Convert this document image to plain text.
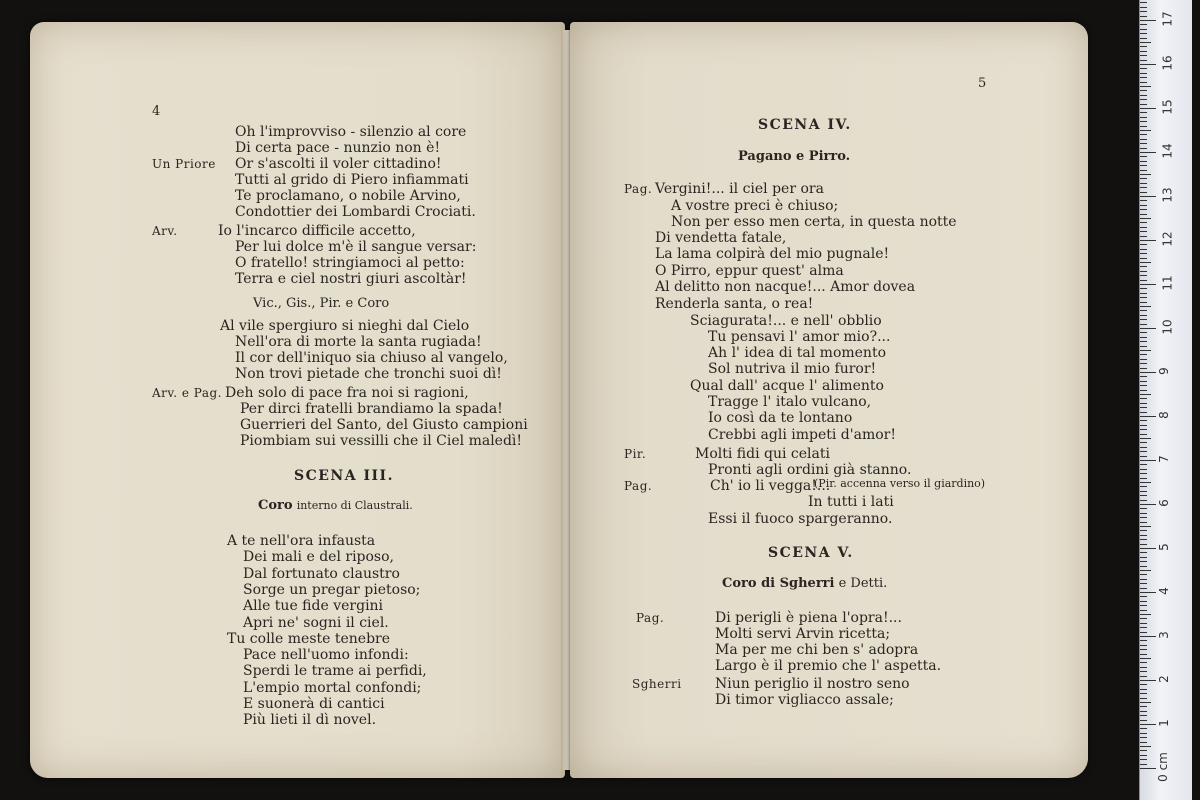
4
SCENA III.
Coro interno di Claustrali.
5
SCENA IV.
Pagano e Pirro.
(Pir. accenna verso il giardino)
SCENA V.
Coro di Sgherri e Detti.
0 cm
1
2
3
4
5
6
7
8
9
10
11
12
13
14
15
16
17
Oh l'improvviso - silenzio al core
Di certa pace - nunzio non è!
Un Priore Or s'ascolti il voler cittadino!
Tutti al grido di Piero infiammati
Te proclamano, o nobile Arvino,
Condottier dei Lombardi Crociati.
Arv.	Io l'incarco difficile accetto,
Per lui dolce m'è il sangue versar:
O fratello! stringiamoci al petto:
Terra e ciel nostri giuri ascoltàr!
Vic., Gis., Pir. e Coro
Al vile spergiuro si nieghi dal Cielo
Nell'ora di morte la santa rugiada!
Il cor dell'iniquo sia chiuso al vangelo,
Non trovi pietade che tronchi suoi dì!
Arv. e Pag. Deh solo di pace fra noi si ragioni,
Per dirci fratelli brandiamo la spada!
Guerrieri del Santo, del Giusto campioni
Piombiam sui vessilli che il Ciel maledì!
A te nell'ora infausta
Dei mali e del riposo,
Dal fortunato claustro
Sorge un pregar pietoso;
Alle tue fide vergini
Apri ne' sogni il ciel.
Tu colle meste tenebre
Pace nell'uomo infondi:
Sperdi le trame ai perfidi,
L'empio mortal confondi;
E suonerà di cantici
Più lieti il dì novel.
Pag. Vergini!... il ciel per ora
A vostre preci è chiuso;
Non per esso men certa, in questa notte
Di vendetta fatale,
La lama colpirà del mio pugnale!
O Pirro, eppur quest' alma
Al delitto non nacque!... Amor dovea
Renderla santa, o rea!
Sciagurata!... e nell' obblio
Tu pensavi l' amor mio?...
Ah l' idea di tal momento
Sol nutriva il mio furor!
Qual dall' acque l' alimento
Tragge l' italo vulcano,
Io così da te lontano
Crebbi agli impeti d'amor!
Pir.	Molti fidi qui celati
Pronti agli ordini già stanno.
Pag.	Ch' io li vegga!...
In tutti i lati
Essi il fuoco spargeranno.
Pag.	Di perigli è piena l'opra!...
Molti servi Arvin ricetta;
Ma per me chi ben s' adopra
Largo è il premio che l' aspetta.
Sgherri Niun periglio il nostro seno
Di timor vigliacco assale;
